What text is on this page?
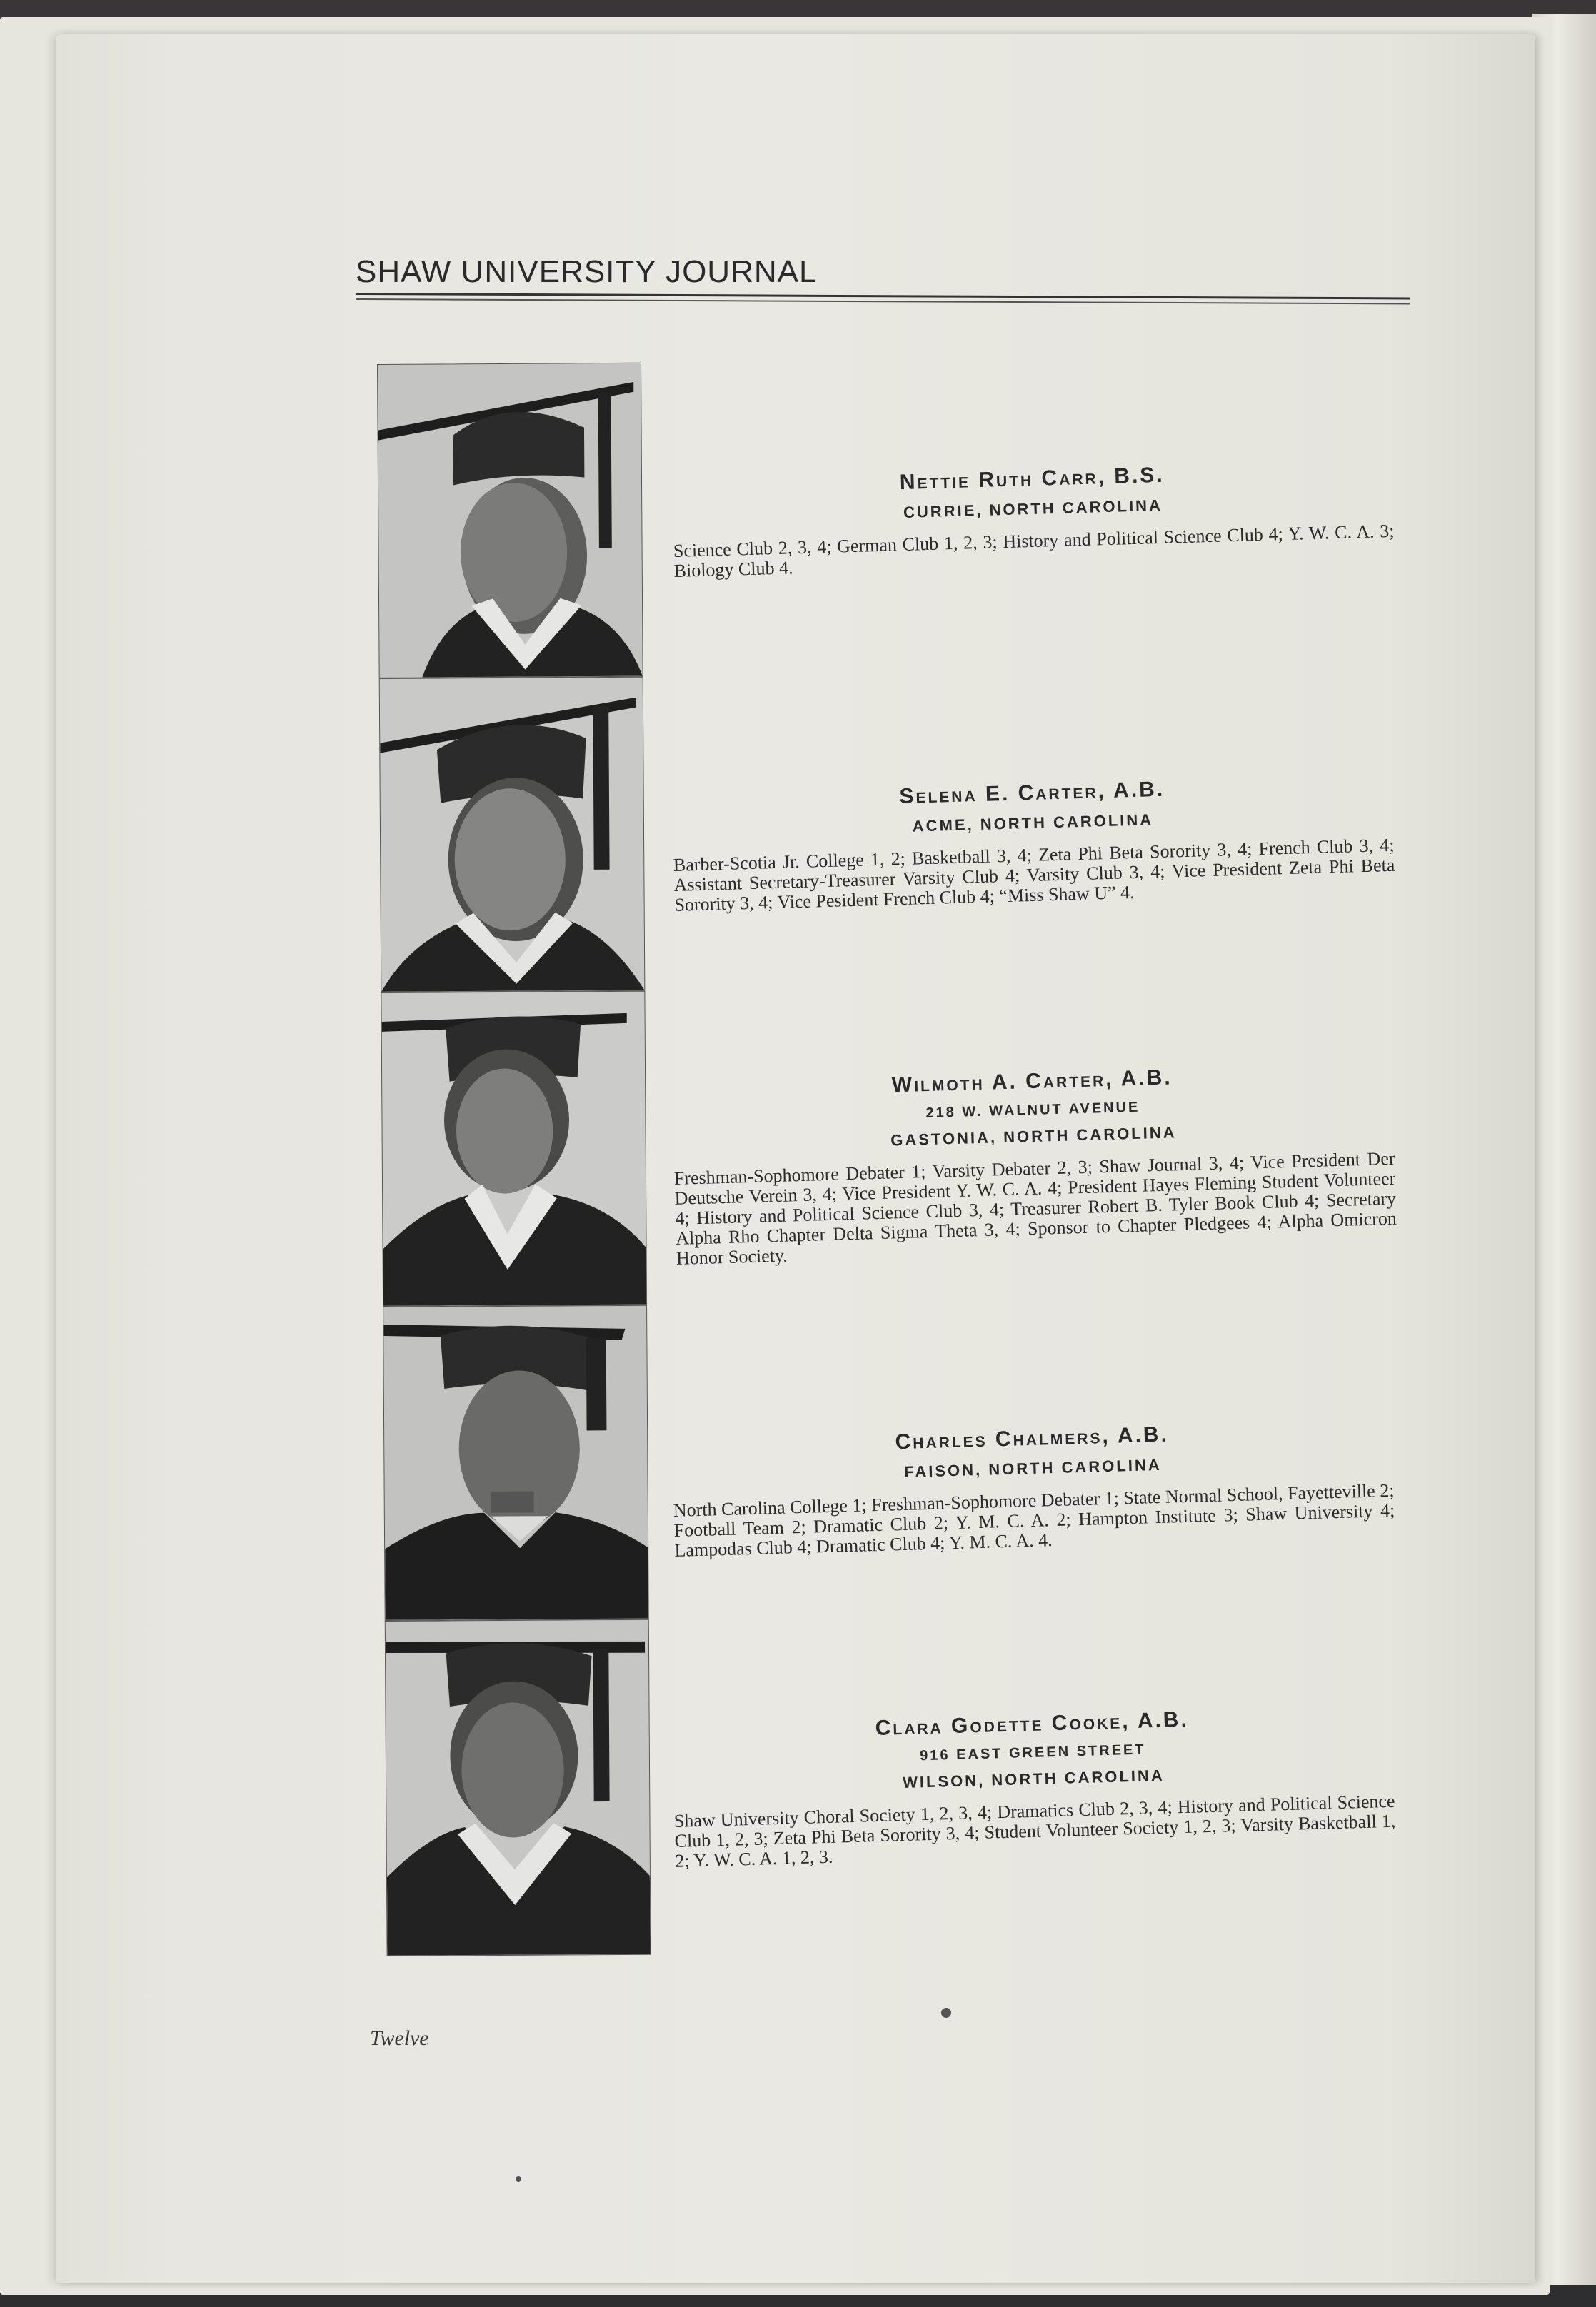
SHAW UNIVERSITY JOURNAL
Nettie Ruth Carr, B.S.
CURRIE, NORTH CAROLINA
Science Club 2, 3, 4; German Club 1, 2, 3; History and Political Science Club 4; Y. W. C. A. 3; Biology Club 4.
Selena E. Carter, A.B.
ACME, NORTH CAROLINA
Barber-Scotia Jr. College 1, 2; Basketball 3, 4; Zeta Phi Beta Sorority 3, 4; French Club 3, 4; Assistant Secretary-Treasurer Varsity Club 4; Varsity Club 3, 4; Vice President Zeta Phi Beta Sorority 3, 4; Vice Pesident French Club 4; “Miss Shaw U” 4.
Wilmoth A. Carter, A.B.
218 W. WALNUT AVENUE
GASTONIA, NORTH CAROLINA
Freshman-Sophomore Debater 1; Varsity Debater 2, 3; Shaw Journal 3, 4; Vice President Der Deutsche Verein 3, 4; Vice President Y. W. C. A. 4; President Hayes Fleming Student Volunteer 4; History and Political Science Club 3, 4; Treasurer Robert B. Tyler Book Club 4; Secretary Alpha Rho Chapter Delta Sigma Theta 3, 4; Sponsor to Chapter Pledgees 4; Alpha Omicron Honor Society.
Charles Chalmers, A.B.
FAISON, NORTH CAROLINA
North Carolina College 1; Freshman-Sophomore Debater 1; State Normal School, Fayetteville 2; Football Team 2; Dramatic Club 2; Y. M. C. A. 2; Hampton Institute 3; Shaw University 4; Lampodas Club 4; Dramatic Club 4; Y. M. C. A. 4.
Clara Godette Cooke, A.B.
916 EAST GREEN STREET
WILSON, NORTH CAROLINA
Shaw University Choral Society 1, 2, 3, 4; Dramatics Club 2, 3, 4; History and Political Science Club 1, 2, 3; Zeta Phi Beta Sorority 3, 4; Student Volunteer Society 1, 2, 3; Varsity Basketball 1, 2; Y. W. C. A. 1, 2, 3.
Twelve
